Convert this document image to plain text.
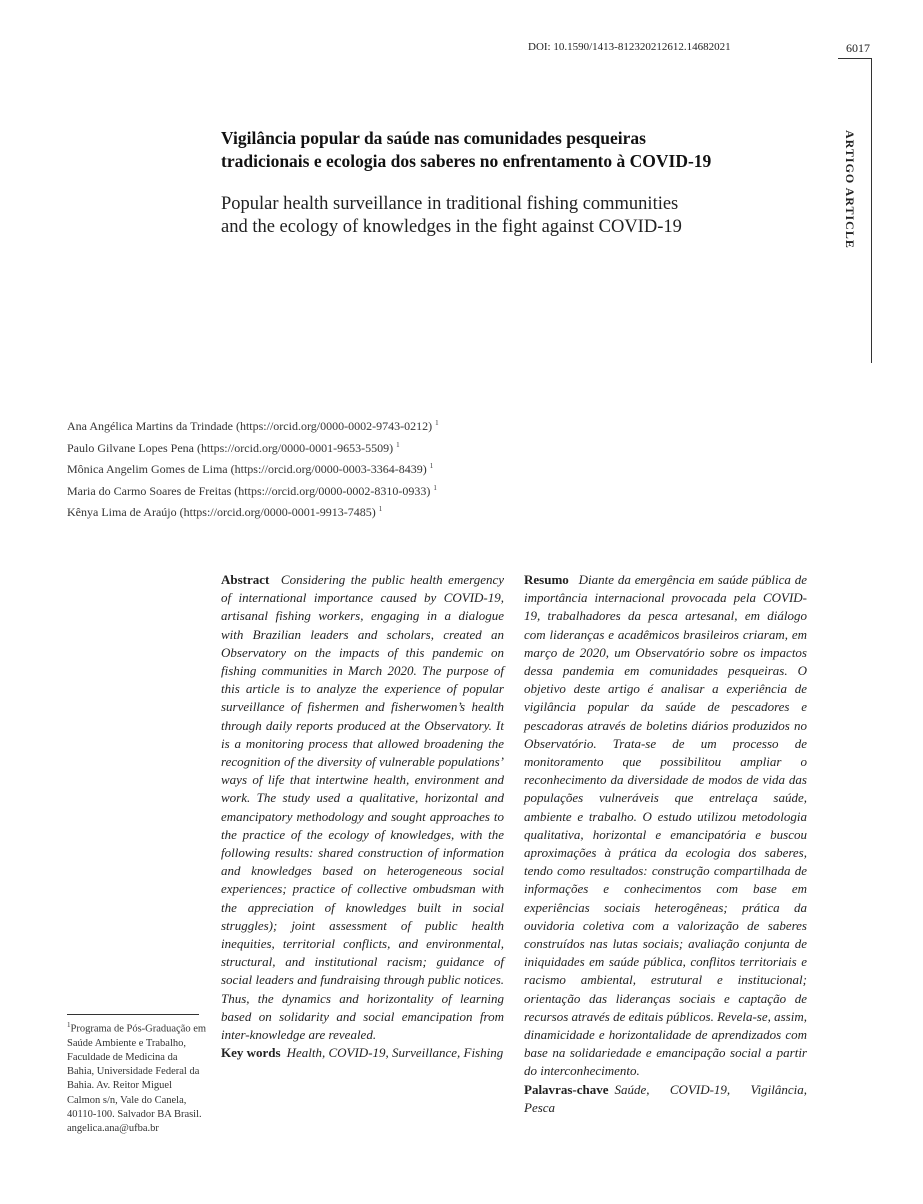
DOI: 10.1590/1413-812320212612.14682021	6017
ARTIGO ARTICLE
Vigilância popular da saúde nas comunidades pesqueiras
tradicionais e ecologia dos saberes no enfrentamento à COVID-19
Popular health surveillance in traditional fishing communities
and the ecology of knowledges in the fight against COVID-19
Ana Angélica Martins da Trindade (https://orcid.org/0000-0002-9743-0212) $^1$
Paulo Gilvane Lopes Pena (https://orcid.org/0000-0001-9653-5509) $^1$
Mônica Angelim Gomes de Lima (https://orcid.org/0000-0003-3364-8439) $^1$
Maria do Carmo Soares de Freitas (https://orcid.org/0000-0002-8310-0933) $^1$
Kênya Lima de Araújo (https://orcid.org/0000-0001-9913-7485) $^1$
Abstract Considering the public health emergency of international importance caused by COVID-19, artisanal fishing workers, engaging in a dialogue with Brazilian leaders and scholars, created an Observatory on the impacts of this pandemic on fishing communities in March 2020. The purpose of this article is to analyze the experience of popular surveillance of fishermen and fisherwomen’s health through daily reports produced at the Observatory. It is a monitoring process that allowed broadening the recognition of the diversity of vulnerable populations’ ways of life that intertwine health, environment and work. The study used a qualitative, horizontal and emancipatory methodology and sought approaches to the practice of the ecology of knowledges, with the following results: shared construction of information and knowledges based on heterogeneous social experiences; practice of collective ombudsman with the appreciation of knowledges built in social struggles); joint assessment of public health inequities, territorial conflicts, and environmental, structural, and institutional racism; guidance of social leaders and fundraising through public notices. Thus, the dynamics and horizontality of learning based on solidarity and social emancipation from inter-knowledge are revealed.
Key words Health, COVID-19, Surveillance, Fishing
Resumo Diante da emergência em saúde pública de importância internacional provocada pela COVID-19, trabalhadores da pesca artesanal, em diálogo com lideranças e acadêmicos brasileiros criaram, em março de 2020, um Observatório sobre os impactos dessa pandemia em comunidades pesqueiras. O objetivo deste artigo é analisar a experiência de vigilância popular da saúde de pescadores e pescadoras através de boletins diários produzidos no Observatório. Trata-se de um processo de monitoramento que possibilitou ampliar o reconhecimento da diversidade de modos de vida das populações vulneráveis que entrelaça saúde, ambiente e trabalho. O estudo utilizou metodologia qualitativa, horizontal e emancipatória e buscou aproximações à prática da ecologia dos saberes, tendo como resultados: construção compartilhada de informações e conhecimentos com base em experiências sociais heterogêneas; prática da ouvidoria coletiva com a valorização de saberes construídos nas lutas sociais; avaliação conjunta de iniquidades em saúde pública, conflitos territoriais e racismo ambiental, estrutural e institucional; orientação das lideranças sociais e captação de recursos através de editais públicos. Revela-se, assim, dinamicidade e horizontalidade de aprendizados com base na solidariedade e emancipação social a partir do interconhecimento.
Palavras-chave Saúde, COVID-19, Vigilância, Pesca
$^1$Programa de Pós-Graduação em Saúde Ambiente e Trabalho, Faculdade de Medicina da Bahia, Universidade Federal da Bahia. Av. Reitor Miguel Calmon s/n, Vale do Canela, 40110-100. Salvador BA Brasil. angelica.ana@ufba.br
